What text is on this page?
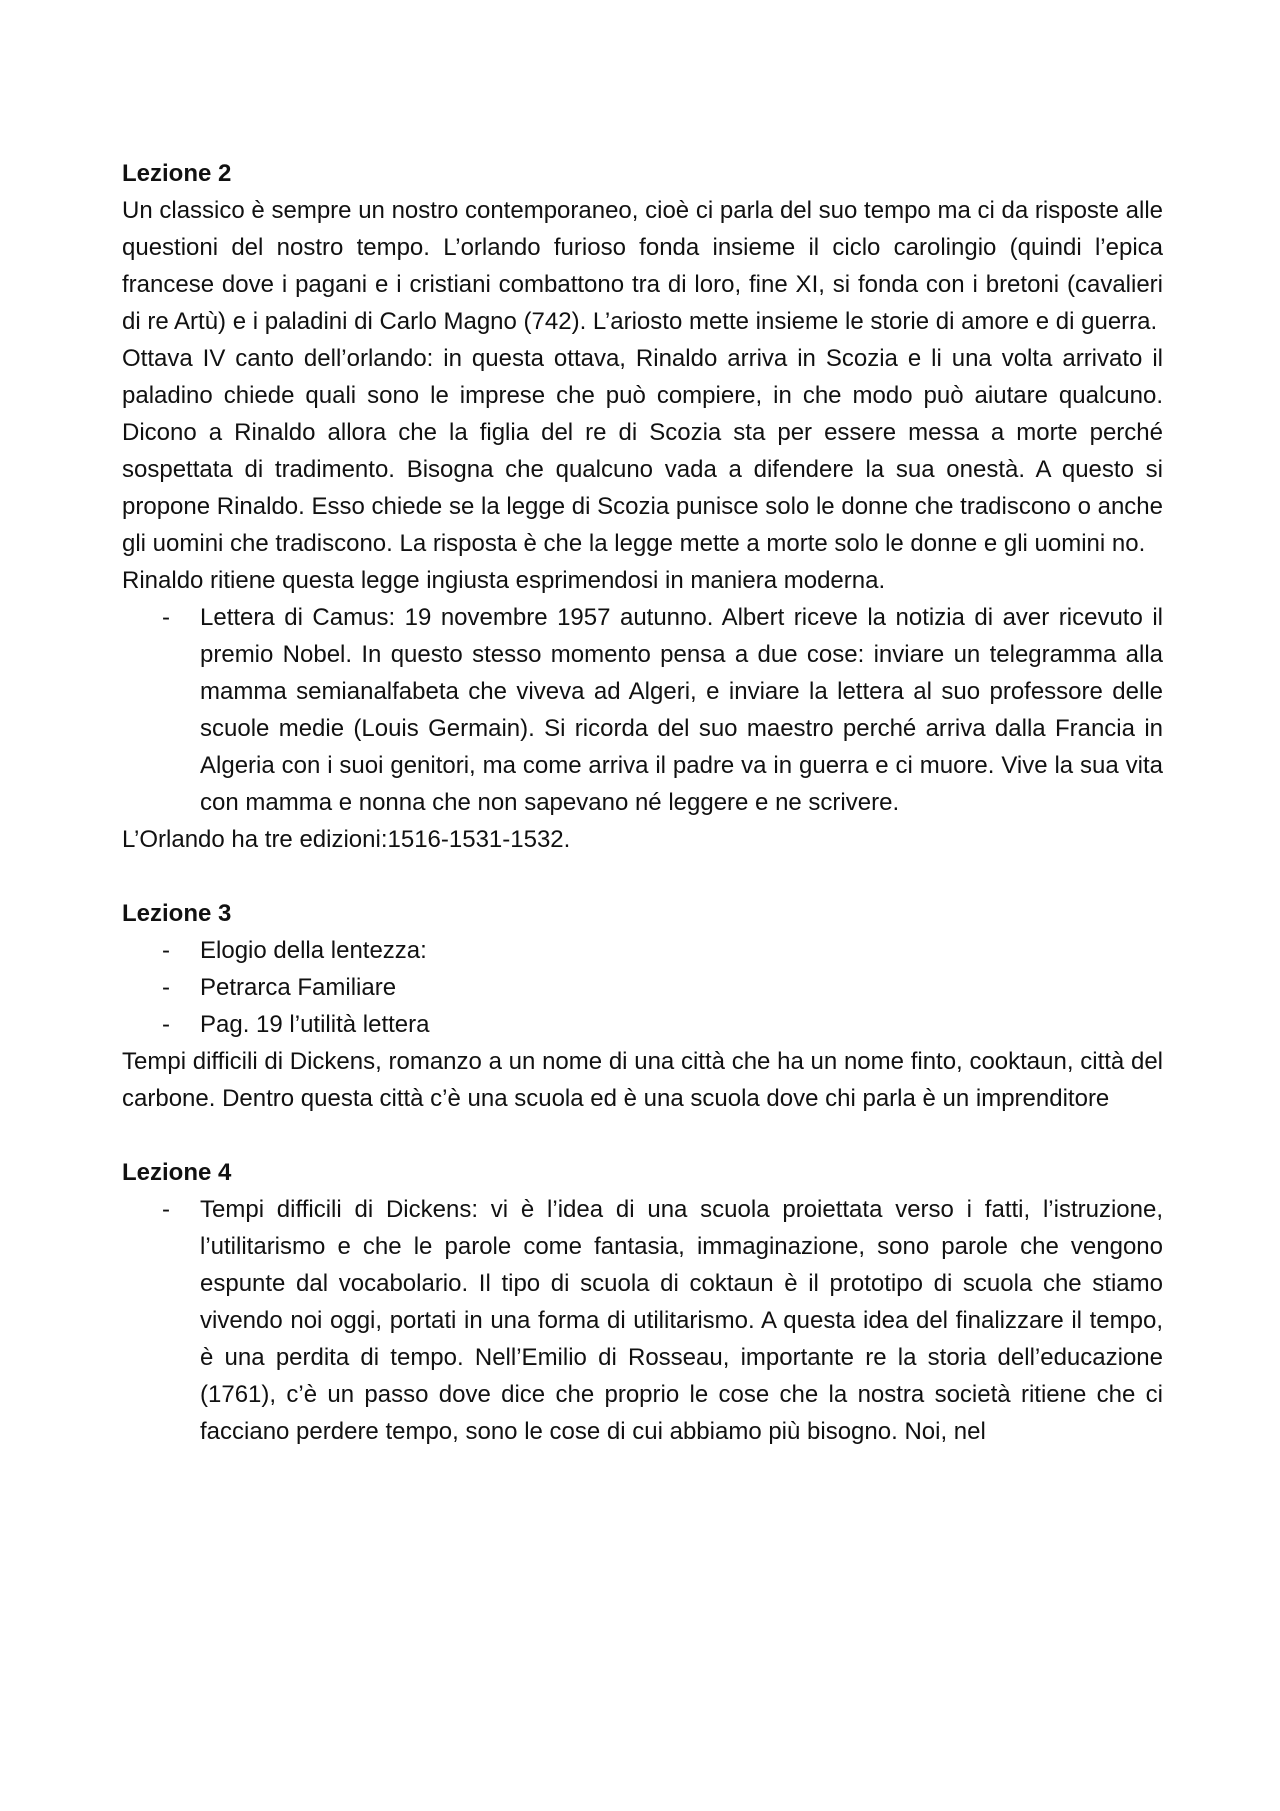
Lezione 2

Un classico è sempre un nostro contemporaneo, cioè ci parla del suo tempo ma ci da risposte alle questioni del nostro tempo. L’orlando furioso fonda insieme il ciclo carolingio (quindi l’epica francese dove i pagani e i cristiani combattono tra di loro, fine XI, si fonda con i bretoni (cavalieri di re Artù) e i paladini di Carlo Magno (742). L’ariosto mette insieme le storie di amore e di guerra.

Ottava IV canto dell’orlando: in questa ottava, Rinaldo arriva in Scozia e li una volta arrivato il paladino chiede quali sono le imprese che può compiere, in che modo può aiutare qualcuno. Dicono a Rinaldo allora che la figlia del re di Scozia sta per essere messa a morte perché sospettata di tradimento. Bisogna che qualcuno vada a difendere la sua onestà. A questo si propone Rinaldo. Esso chiede se la legge di Scozia punisce solo le donne che tradiscono o anche gli uomini che tradiscono. La risposta è che la legge mette a morte solo le donne e gli uomini no.

Rinaldo ritiene questa legge ingiusta esprimendosi in maniera moderna.

- Lettera di Camus: 19 novembre 1957 autunno. Albert riceve la notizia di aver ricevuto il premio Nobel. In questo stesso momento pensa a due cose: inviare un telegramma alla mamma semianalfabeta che viveva ad Algeri, e inviare la lettera al suo professore delle scuole medie (Louis Germain). Si ricorda del suo maestro perché arriva dalla Francia in Algeria con i suoi genitori, ma come arriva il padre va in guerra e ci muore. Vive la sua vita con mamma e nonna che non sapevano né leggere e ne scrivere.

L’Orlando ha tre edizioni:1516-1531-1532.

Lezione 3
- Elogio della lentezza:
- Petrarca Familiare
- Pag. 19 l’utilità lettera

Tempi difficili di Dickens, romanzo a un nome di una città che ha un nome finto, cooktaun, città del carbone. Dentro questa città c’è una scuola ed è una scuola dove chi parla è un imprenditore

Lezione 4
- Tempi difficili di Dickens: vi è l’idea di una scuola proiettata verso i fatti, l’istruzione, l’utilitarismo e che le parole come fantasia, immaginazione, sono parole che vengono espunte dal vocabolario. Il tipo di scuola di coktaun è il prototipo di scuola che stiamo vivendo noi oggi, portati in una forma di utilitarismo. A questa idea del finalizzare il tempo, è una perdita di tempo. Nell’Emilio di Rosseau, importante re la storia dell’educazione (1761), c’è un passo dove dice che proprio le cose che la nostra società ritiene che ci facciano perdere tempo, sono le cose di cui abbiamo più bisogno. Noi, nel
